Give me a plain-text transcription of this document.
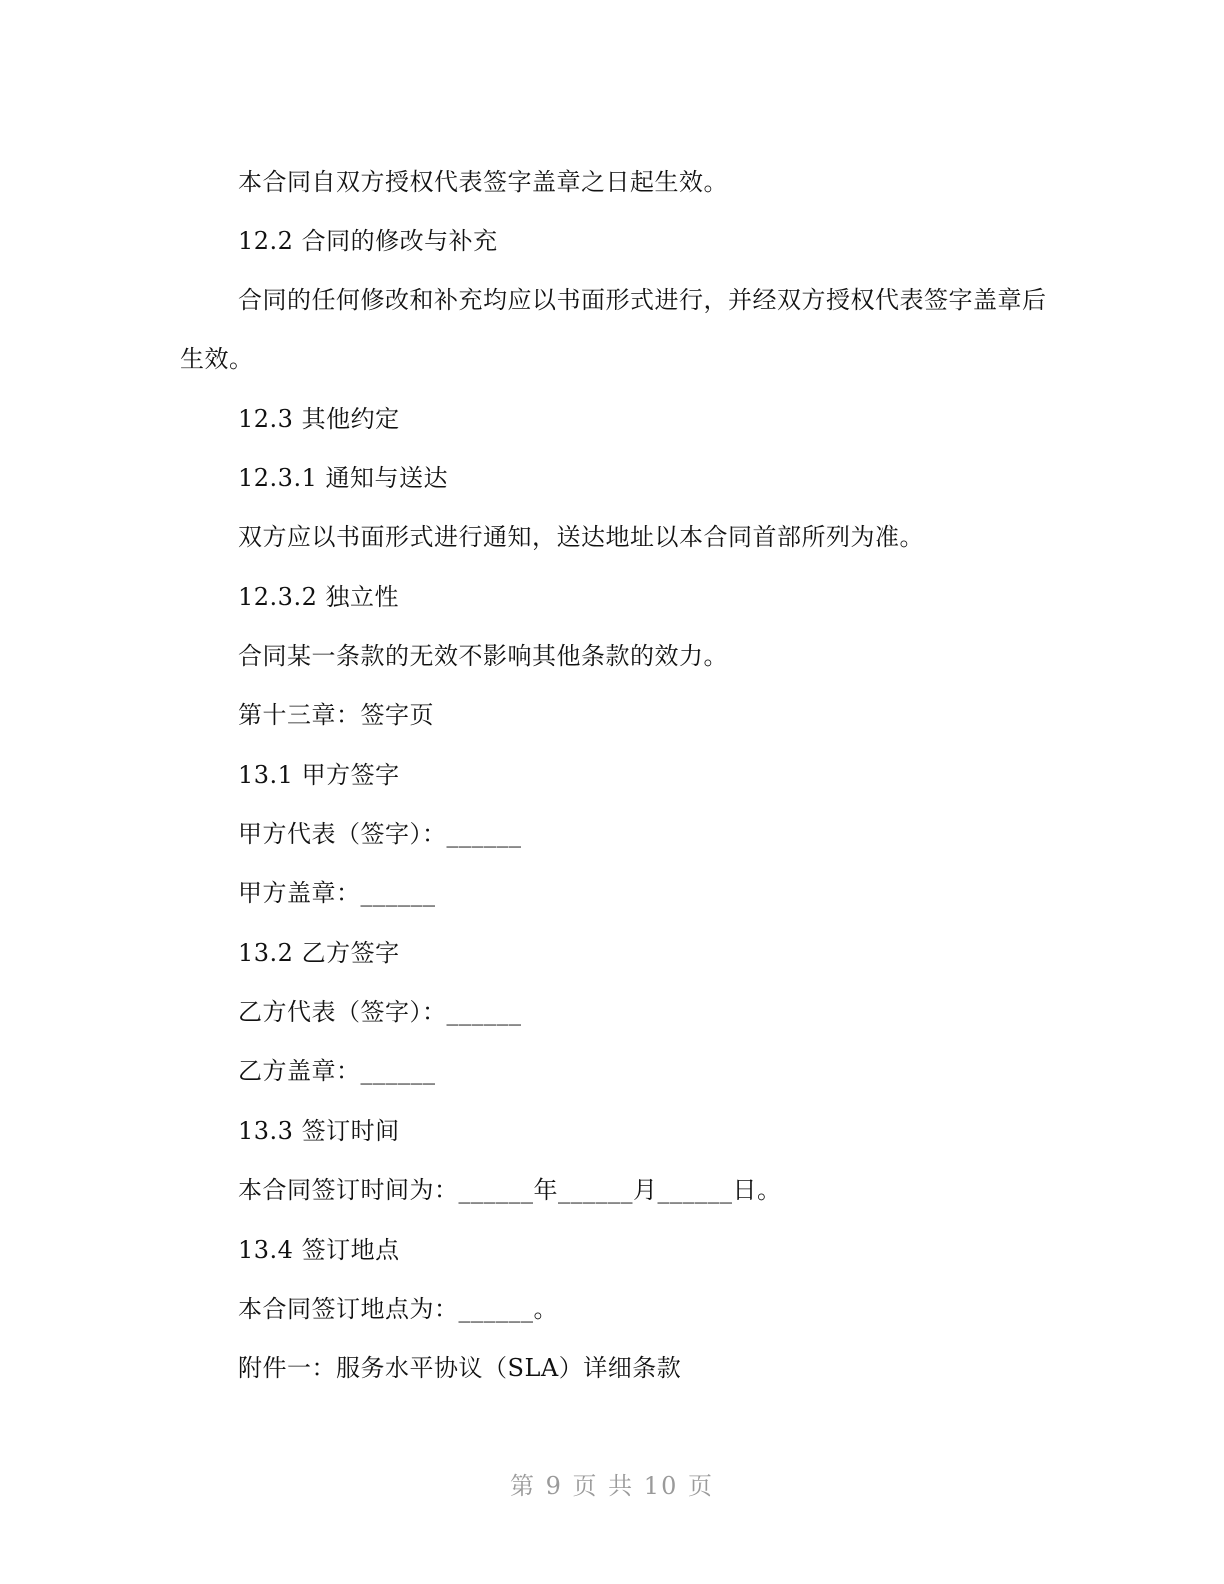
本合同自双方授权代表签字盖章之日起生效。
12.2 合同的修改与补充
合同的任何修改和补充均应以书面形式进行，并经双方授权代表签字盖章后
生效。
12.3 其他约定
12.3.1 通知与送达
双方应以书面形式进行通知，送达地址以本合同首部所列为准。
12.3.2 独立性
合同某一条款的无效不影响其他条款的效力。
第十三章：签字页
13.1 甲方签字
甲方代表（签字）：______
甲方盖章：______
13.2 乙方签字
乙方代表（签字）：______
乙方盖章：______
13.3 签订时间
本合同签订时间为：______年______月______日。
13.4 签订地点
本合同签订地点为：______。
附件一：服务水平协议（SLA）详细条款
第 9 页 共 10 页
